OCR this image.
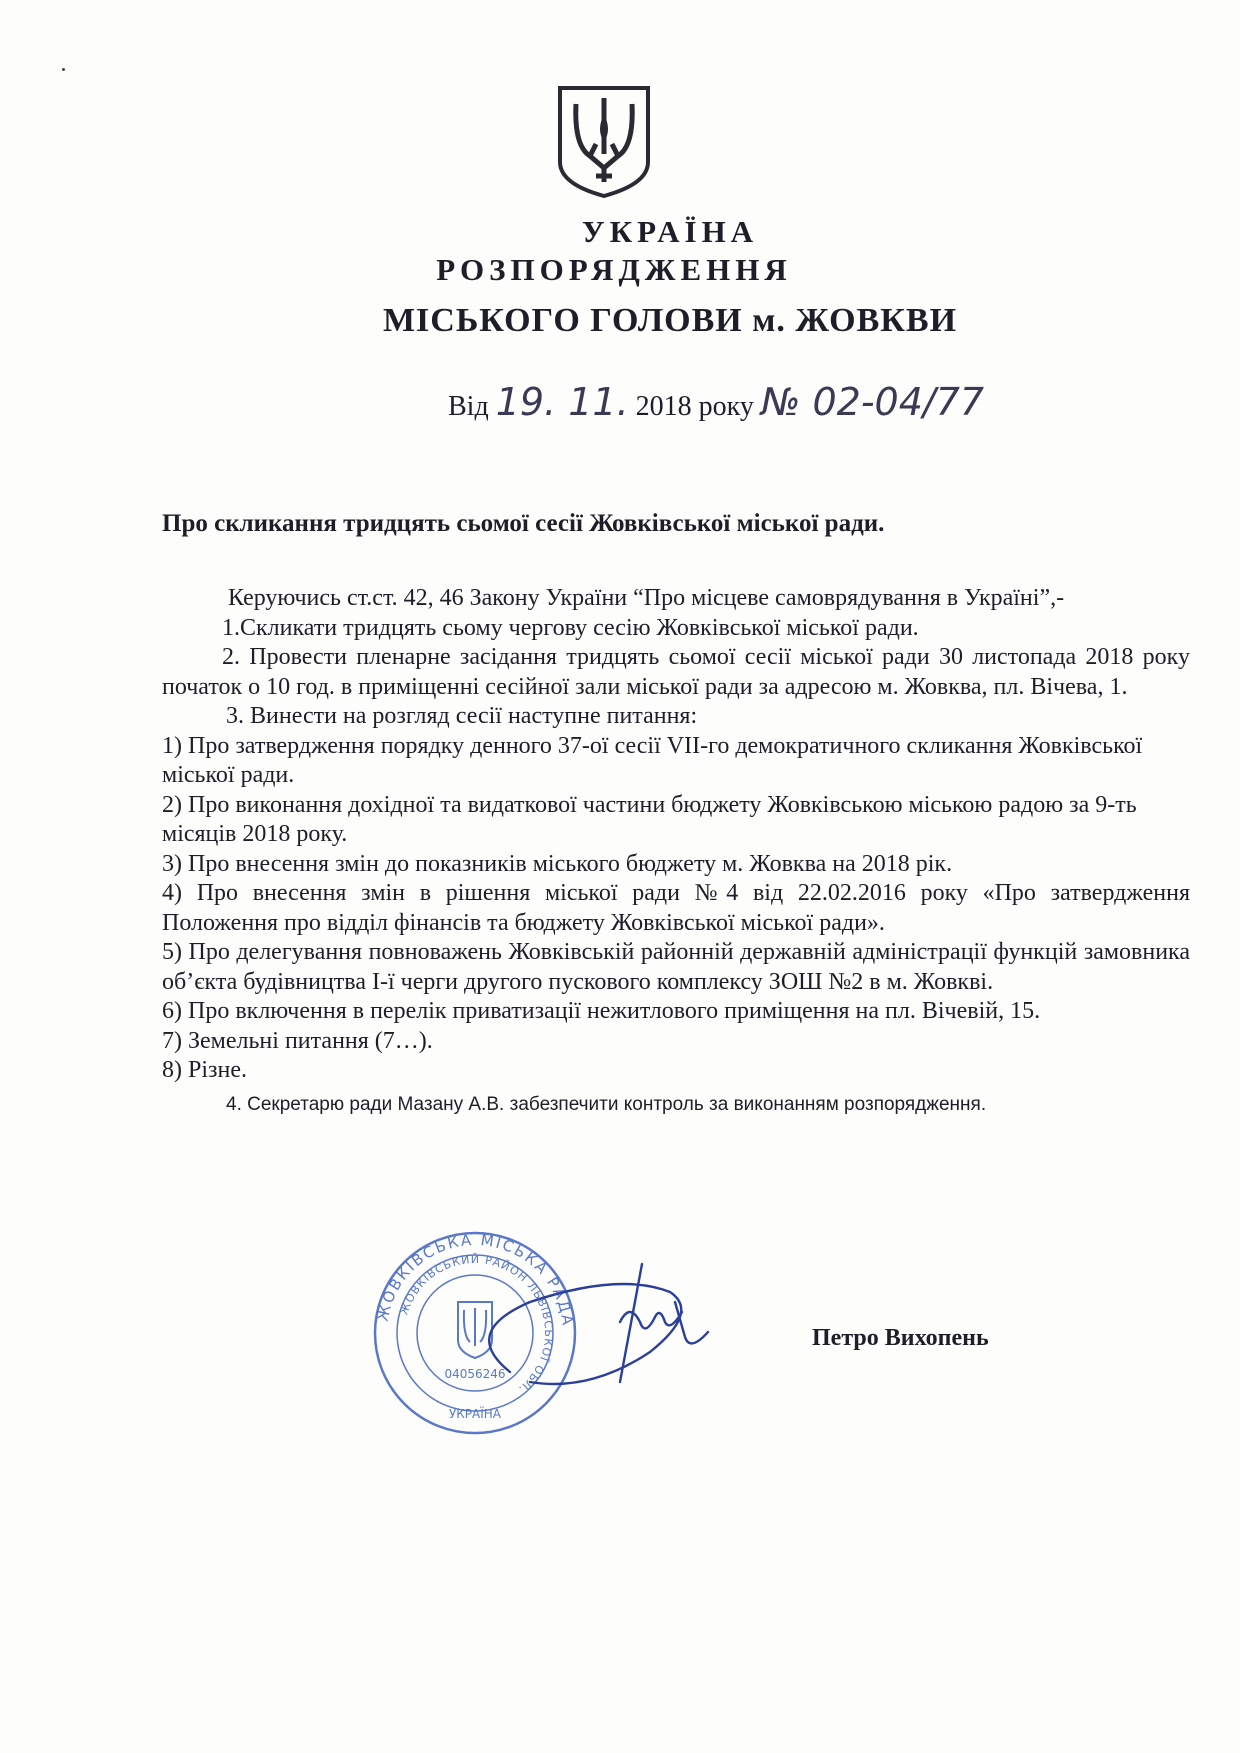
УКРАЇНА
РОЗПОРЯДЖЕННЯ
МІСЬКОГО ГОЛОВИ м. ЖОВКВИ
Від 19. 11. 2018 року № 02-04/77
Про скликання тридцять сьомої сесії Жовківської міської ради.

Керуючись ст.ст. 42, 46 Закону України “Про місцеве самоврядування в Україні”,-

1.Скликати тридцять сьому чергову сесію Жовківської міської ради.

2. Провести пленарне засідання тридцять сьомої сесії міської ради 30 листопада 2018 року початок о 10 год. в приміщенні сесійної зали міської ради за адресою м. Жовква, пл. Вічева, 1.

3. Винести на розгляд сесії наступне питання:

1) Про затвердження порядку денного 37-ої сесії VII-го демократичного скликання Жовківської міської ради.

2) Про виконання дохідної та видаткової частини бюджету Жовківською міською радою за 9-ть місяців 2018 року.

3) Про внесення змін до показників міського бюджету м. Жовква на 2018 рік.

4) Про внесення змін в рішення міської ради №4 від 22.02.2016 року «Про затвердження Положення про відділ фінансів та бюджету Жовківської міської ради».

5) Про делегування повноважень Жовківській районній державній адміністрації функцій замовника об’єкта будівництва І-ї черги другого пускового комплексу ЗОШ №2 в м. Жовкві.

6) Про включення в перелік приватизації нежитлового приміщення на пл. Вічевій, 15.

7) Земельні питання (7…).

8) Різне.

4. Секретарю ради Мазану А.В. забезпечити контроль за виконанням розпорядження.

ЖОВКІВСЬКА МІСЬКА РАДА
ЖОВКІВСЬКИЙ РАЙОН ЛЬВІВСЬКОЇ ОБЛ.
04056246
УКРАЇНА
Петро Вихопень
